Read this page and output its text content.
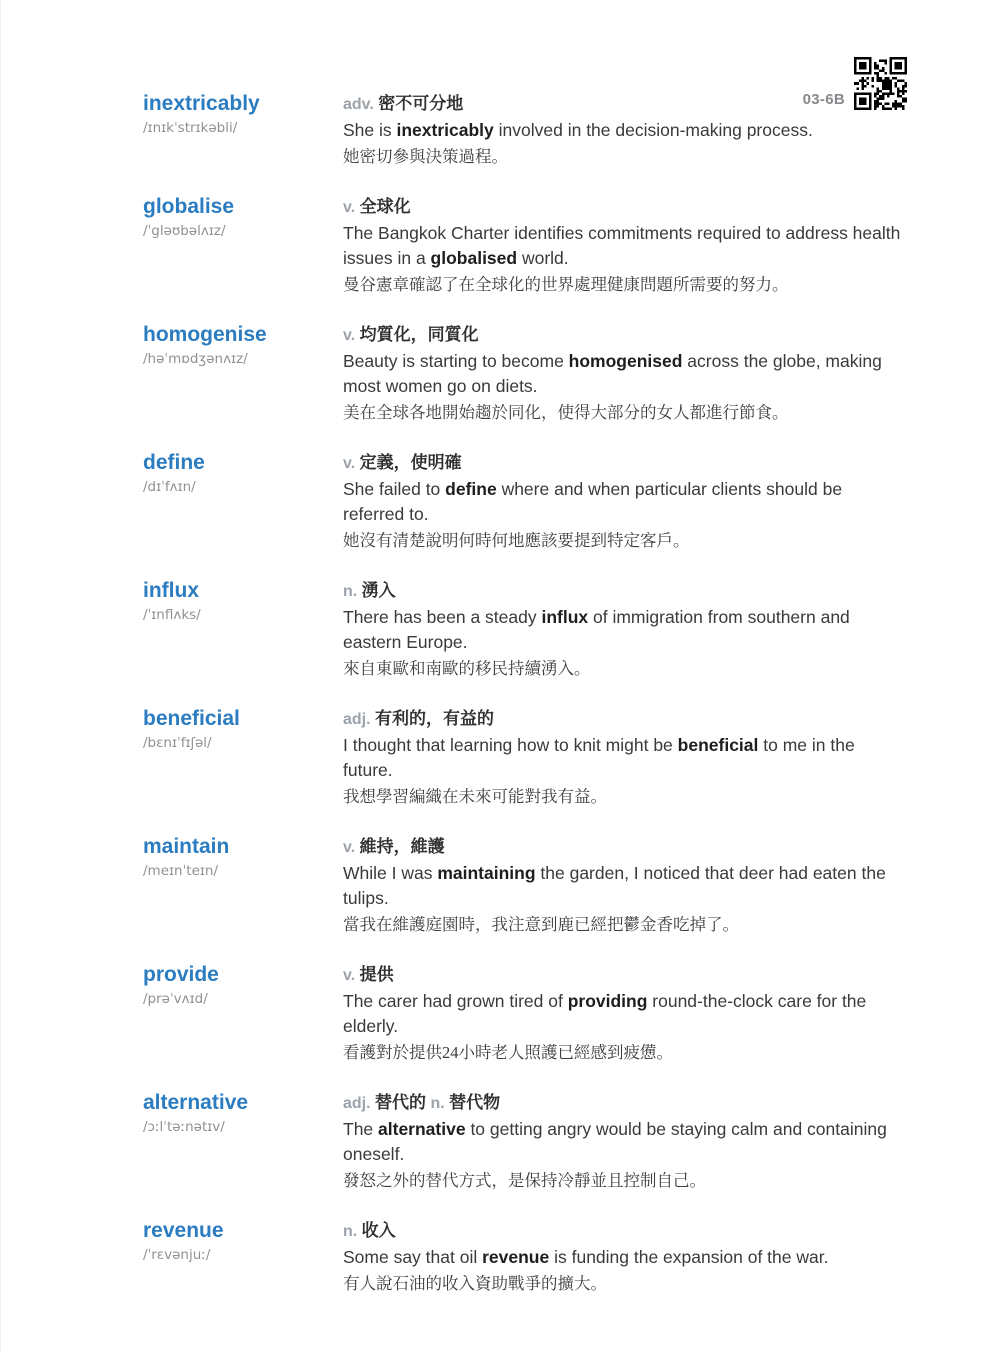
03-6B
inextricably
/ɪnɪkˈstrɪkəbli/
adv. 密不可分地
She is inextricably involved in the decision-making process.
她密切參與決策過程。
globalise
/ˈgləʊbəlʌɪz/
v. 全球化
The Bangkok Charter identifies commitments required to address health issues in a globalised world.
曼谷憲章確認了在全球化的世界處理健康問題所需要的努力。
homogenise
/həˈmɒdʒənʌɪz/
v. 均質化，同質化
Beauty is starting to become homogenised across the globe, making most women go on diets.
美在全球各地開始趨於同化，使得大部分的女人都進行節食。
define
/dɪˈfʌɪn/
v. 定義，使明確
She failed to define where and when particular clients should be referred to.
她沒有清楚說明何時何地應該要提到特定客戶。
influx
/ˈɪnflʌks/
n. 湧入
There has been a steady influx of immigration from southern and eastern Europe.
來自東歐和南歐的移民持續湧入。
beneficial
/bɛnɪˈfɪʃəl/
adj. 有利的，有益的
I thought that learning how to knit might be beneficial to me in the future.
我想學習編織在未來可能對我有益。
maintain
/meɪnˈteɪn/
v. 維持，維護
While I was maintaining the garden, I noticed that deer had eaten the tulips.
當我在維護庭園時，我注意到鹿已經把鬱金香吃掉了。
provide
/prəˈvʌɪd/
v. 提供
The carer had grown tired of providing round-the-clock care for the elderly.
看護對於提供24小時老人照護已經感到疲憊。
alternative
/ɔːlˈtəːnətɪv/
adj. 替代的 n. 替代物
The alternative to getting angry would be staying calm and containing oneself.
發怒之外的替代方式，是保持冷靜並且控制自己。
revenue
/ˈrɛvənjuː/
n. 收入
Some say that oil revenue is funding the expansion of the war.
有人說石油的收入資助戰爭的擴大。
